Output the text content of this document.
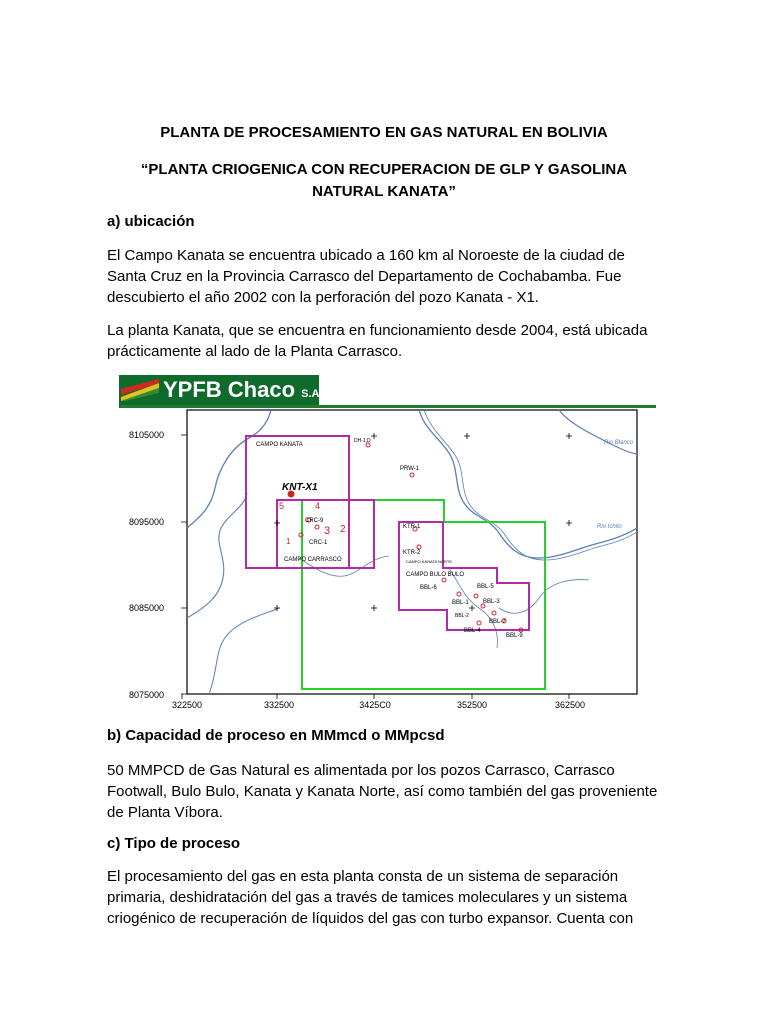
PLANTA DE PROCESAMIENTO EN GAS NATURAL EN BOLIVIA
“PLANTA CRIOGENICA CON RECUPERACION DE GLP Y GASOLINA
NATURAL KANATA”
a) ubicación
El Campo Kanata se encuentra ubicado a 160 km al Noroeste de la ciudad de
Santa Cruz en la Provincia Carrasco del Departamento de Cochabamba. Fue
descubierto el año 2002 con la perforación del pozo Kanata - X1.
La planta Kanata, que se encuentra en funcionamiento desde 2004, está ubicada
prácticamente al lado de la Planta Carrasco.
YPFB Chaco S.A.
CAMPO KANATA
CAMPO CARRASCO
CAMPO BULO BULO
CAMPO KANATA NORTE
KNT-X1
CRC-9
CRC-1
PRW-1
KTR-1
KTR-2
BBL-6	BBL-5
BBL-3
BBL-1
BBL-2
BBL-7
BBL-4
BBL-9
DH-1,D
Rio Ichilo
Rio Blanco
5	4
3 2
1
8105000
8095000
8085000
8075000
322500	332500	3425C0	352500	362500
b) Capacidad de proceso en MMmcd o MMpcsd
50 MMPCD de Gas Natural es alimentada por los pozos Carrasco, Carrasco
Footwall, Bulo Bulo, Kanata y Kanata Norte, así como también del gas proveniente
de Planta Víbora.
c) Tipo de proceso
El procesamiento del gas en esta planta consta de un sistema de separación
primaria, deshidratación del gas a través de tamices moleculares y un sistema
criogénico de recuperación de líquidos del gas con turbo expansor. Cuenta con
